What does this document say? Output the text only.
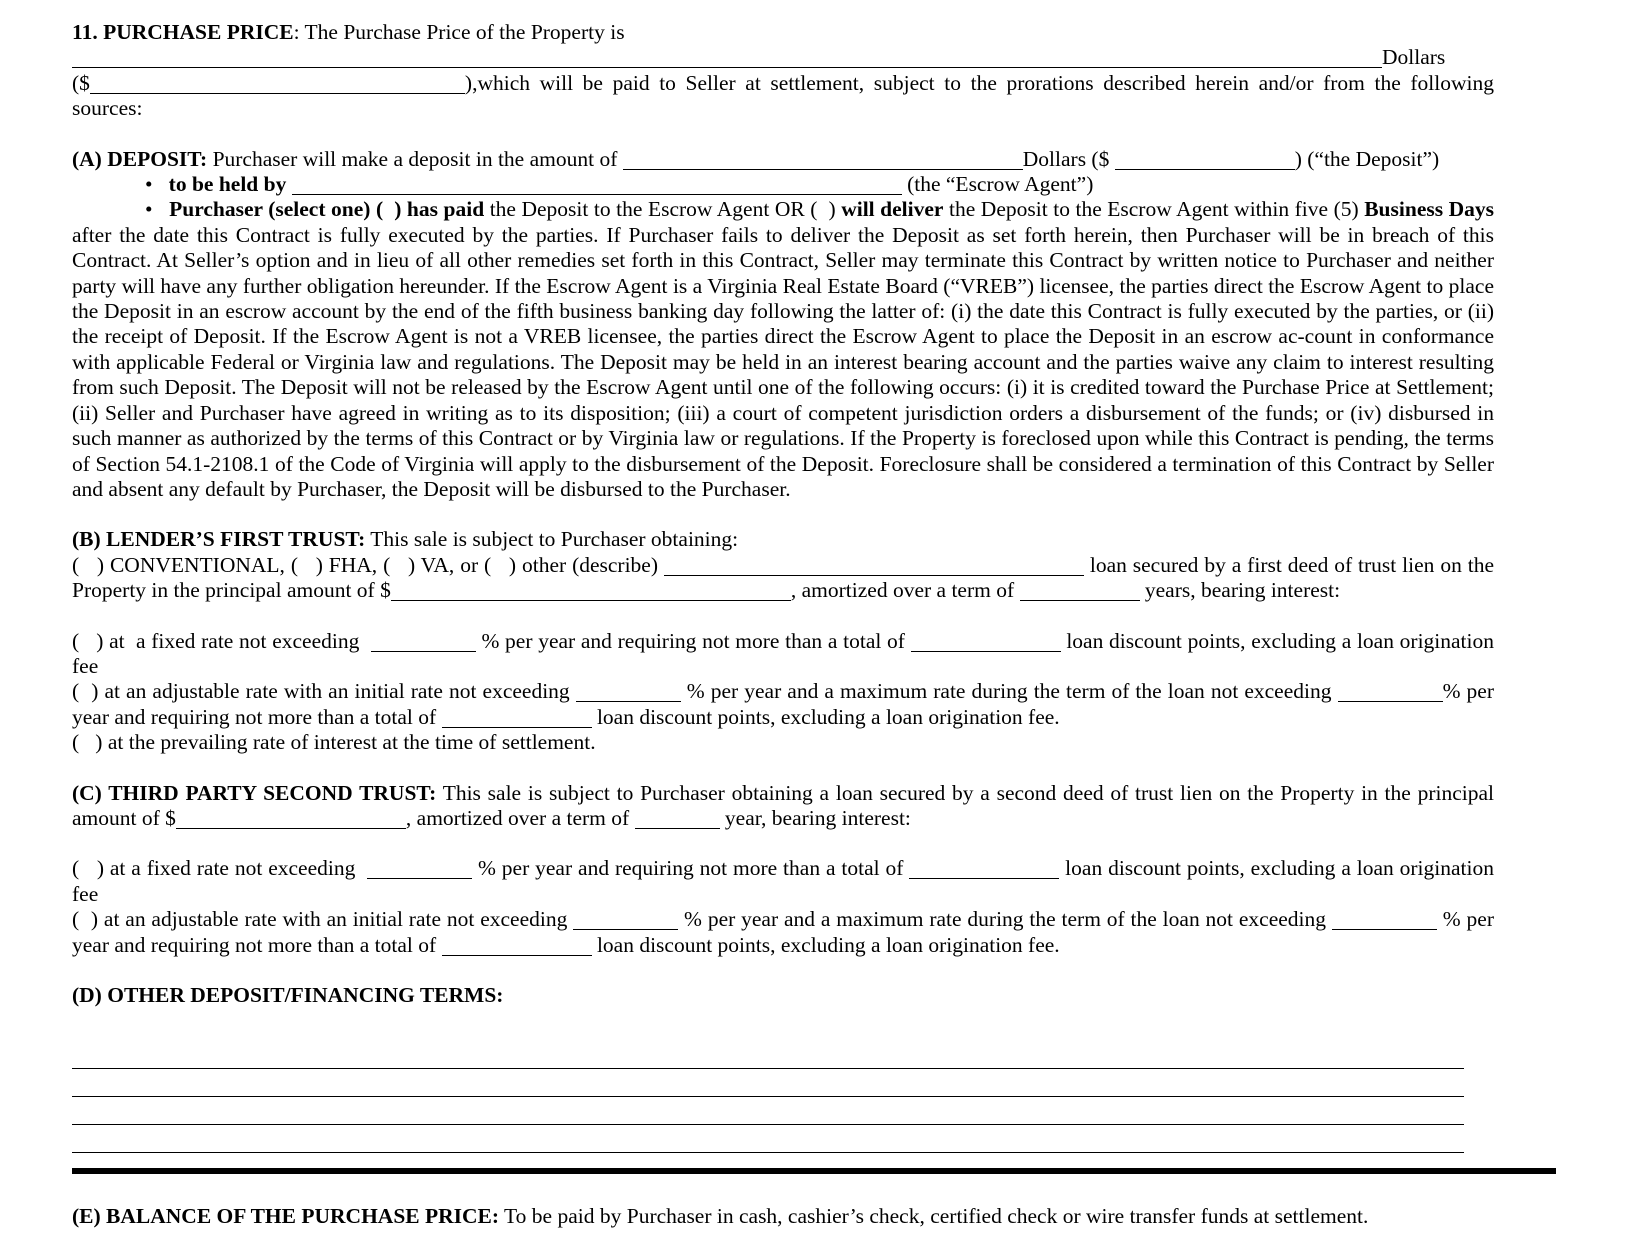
11. PURCHASE PRICE: The Purchase Price of the Property is
Dollars
($	),which will be paid to Seller at settlement, subject to the prorations described herein and/or from the following sources:
(A) DEPOSIT: Purchaser will make a deposit in the amount of	Dollars ($	) (“the Deposit”)
•   to be held by	(the “Escrow Agent”)
•   Purchaser (select one) (  ) has paid the Deposit to the Escrow Agent OR (  ) will deliver the Deposit to the Escrow Agent within five (5) Business Days after the date this Contract is fully executed by the parties. If Purchaser fails to deliver the Deposit as set forth herein, then Purchaser will be in breach of this Contract. At Seller’s option and in lieu of all other remedies set forth in this Contract, Seller may terminate this Contract by written notice to Purchaser and neither party will have any further obligation hereunder. If the Escrow Agent is a Virginia Real Estate Board (“VREB”) licensee, the parties direct the Escrow Agent to place the Deposit in an escrow account by the end of the fifth business banking day following the latter of: (i) the date this Contract is fully executed by the parties, or (ii) the receipt of Deposit. If the Escrow Agent is not a VREB licensee, the parties direct the Escrow Agent to place the Deposit in an escrow ac-count in conformance with applicable Federal or Virginia law and regulations. The Deposit may be held in an interest bearing account and the parties waive any claim to interest resulting from such Deposit. The Deposit will not be released by the Escrow Agent until one of the following occurs: (i) it is credited toward the Purchase Price at Settlement; (ii) Seller and Purchaser have agreed in writing as to its disposition; (iii) a court of competent jurisdiction orders a disbursement of the funds; or (iv) disbursed in such manner as authorized by the terms of this Contract or by Virginia law or regulations. If the Property is foreclosed upon while this Contract is pending, the terms of Section 54.1-2108.1 of the Code of Virginia will apply to the disbursement of the Deposit. Foreclosure shall be considered a termination of this Contract by Seller and absent any default by Purchaser, the Deposit will be disbursed to the Purchaser.
(B) LENDER’S FIRST TRUST: This sale is subject to Purchaser obtaining:
(   ) CONVENTIONAL, (   ) FHA, (   ) VA, or (   ) other (describe)	loan secured by a first deed of trust lien on the Property in the principal amount of $	, amortized over a term of	years, bearing interest:
(   ) at  a fixed rate not exceeding	% per year and requiring not more than a total of	loan discount points, excluding a loan origination fee
(  ) at an adjustable rate with an initial rate not exceeding	% per year and a maximum rate during the term of the loan not exceeding	% per year and requiring not more than a total of	loan discount points, excluding a loan origination fee.
(   ) at the prevailing rate of interest at the time of settlement.
(C) THIRD PARTY SECOND TRUST: This sale is subject to Purchaser obtaining a loan secured by a second deed of trust lien on the Property in the principal amount of $	, amortized over a term of	year, bearing interest:
(   ) at a fixed rate not exceeding	% per year and requiring not more than a total of	loan discount points, excluding a loan origination fee
(  ) at an adjustable rate with an initial rate not exceeding	% per year and a maximum rate during the term of the loan not exceeding	% per year and requiring not more than a total of	loan discount points, excluding a loan origination fee.
(D) OTHER DEPOSIT/FINANCING TERMS:
(E) BALANCE OF THE PURCHASE PRICE: To be paid by Purchaser in cash, cashier’s check, certified check or wire transfer funds at settlement.
